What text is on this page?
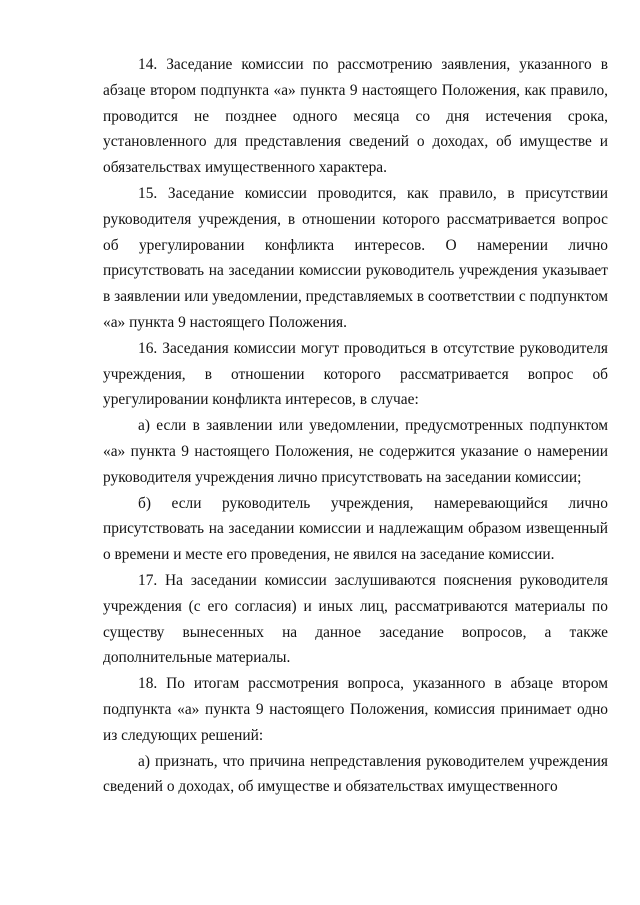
14. Заседание комиссии по рассмотрению заявления, указанного в абзаце втором подпункта «а» пункта 9 настоящего Положения, как правило, проводится не позднее одного месяца со дня истечения срока, установленного для представления сведений о доходах, об имуществе и обязательствах имущественного характера.

15. Заседание комиссии проводится, как правило, в присутствии руководителя учреждения, в отношении которого рассматривается вопрос об урегулировании конфликта интересов. О намерении лично присутствовать на заседании комиссии руководитель учреждения указывает в заявлении или уведомлении, представляемых в соответствии с подпунктом «а» пункта 9 настоящего Положения.

16. Заседания комиссии могут проводиться в отсутствие руководителя учреждения, в отношении которого рассматривается вопрос об урегулировании конфликта интересов, в случае:

а) если в заявлении или уведомлении, предусмотренных подпунктом «а» пункта 9 настоящего Положения, не содержится указание о намерении руководителя учреждения лично присутствовать на заседании комиссии;

б) если руководитель учреждения, намеревающийся лично присутствовать на заседании комиссии и надлежащим образом извещенный о времени и месте его проведения, не явился на заседание комиссии.

17. На заседании комиссии заслушиваются пояснения руководителя учреждения (с его согласия) и иных лиц, рассматриваются материалы по существу вынесенных на данное заседание вопросов, а также дополнительные материалы.

18. По итогам рассмотрения вопроса, указанного в абзаце втором подпункта «а» пункта 9 настоящего Положения, комиссия принимает одно из следующих решений:

а) признать, что причина непредставления руководителем учреждения сведений о доходах, об имуществе и обязательствах имущественного
